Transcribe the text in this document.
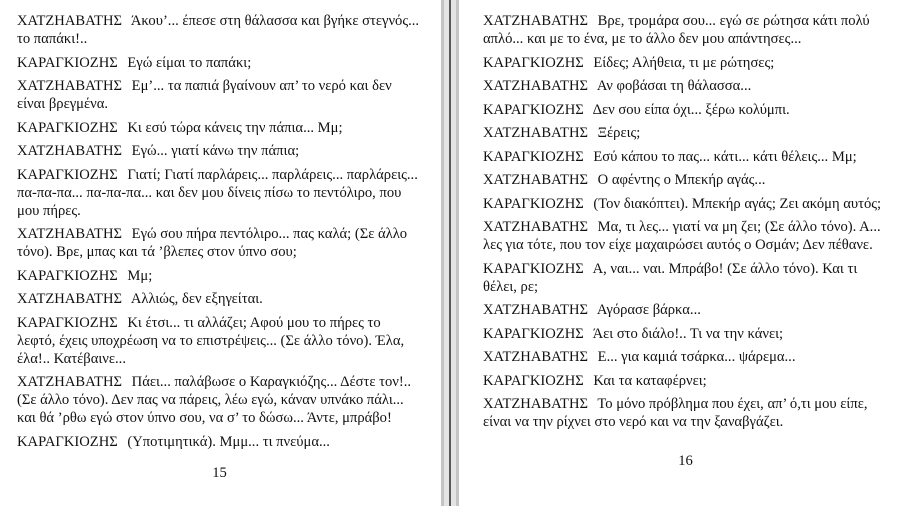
ΧΑΤΖΗΑΒΑΤΗΣ Άκου’... έπεσε στη θάλασσα και βγήκε στεγνός... το παπάκι!..

ΚΑΡΑΓΚΙΟΖΗΣ Εγώ είμαι το παπάκι;

ΧΑΤΖΗΑΒΑΤΗΣ Εμ’... τα παπιά βγαίνουν απ’ το νερό και δεν είναι βρεγμένα.

ΚΑΡΑΓΚΙΟΖΗΣ Κι εσύ τώρα κάνεις την πάπια... Μμ;

ΧΑΤΖΗΑΒΑΤΗΣ Εγώ... γιατί κάνω την πάπια;

ΚΑΡΑΓΚΙΟΖΗΣ Γιατί; Γιατί παρλάρεις... παρλάρεις... παρλάρεις... πα-πα-πα... πα-πα-πα... και δεν μου δίνεις πίσω το πεντόλιρο, που μου πήρες.

ΧΑΤΖΗΑΒΑΤΗΣ Εγώ σου πήρα πεντόλιρο... πας καλά; (Σε άλλο τόνο). Βρε, μπας και τά ’βλεπες στον ύπνο σου;

ΚΑΡΑΓΚΙΟΖΗΣ Μμ;

ΧΑΤΖΗΑΒΑΤΗΣ Αλλιώς, δεν εξηγείται.

ΚΑΡΑΓΚΙΟΖΗΣ Κι έτσι... τι αλλάζει; Αφού μου το πήρες το λεφτό, έχεις υποχρέωση να το επιστρέψεις... (Σε άλλο τόνο). Έλα, έλα!.. Κατέβαινε...

ΧΑΤΖΗΑΒΑΤΗΣ Πάει... παλάβωσε ο Καραγκιόζης... Δέστε τον!.. (Σε άλλο τόνο). Δεν πας να πάρεις, λέω εγώ, κάναν υπνάκο πάλι... και θά ’ρθω εγώ στον ύπνο σου, να σ’ το δώσω... Άντε, μπράβο!

ΚΑΡΑΓΚΙΟΖΗΣ (Υποτιμητικά). Μμμ... τι πνεύμα...

15

ΧΑΤΖΗΑΒΑΤΗΣ Βρε, τρομάρα σου... εγώ σε ρώτησα κάτι πολύ απλό... και με το ένα, με το άλλο δεν μου απάντησες...

ΚΑΡΑΓΚΙΟΖΗΣ Είδες; Αλήθεια, τι με ρώτησες;

ΧΑΤΖΗΑΒΑΤΗΣ Αν φοβάσαι τη θάλασσα...

ΚΑΡΑΓΚΙΟΖΗΣ Δεν σου είπα όχι... ξέρω κολύμπι.

ΧΑΤΖΗΑΒΑΤΗΣ Ξέρεις;

ΚΑΡΑΓΚΙΟΖΗΣ Εσύ κάπου το πας... κάτι... κάτι θέλεις... Μμ;

ΧΑΤΖΗΑΒΑΤΗΣ Ο αφέντης ο Μπεκήρ αγάς...

ΚΑΡΑΓΚΙΟΖΗΣ (Τον διακόπτει). Μπεκήρ αγάς; Ζει ακόμη αυτός;

ΧΑΤΖΗΑΒΑΤΗΣ Μα, τι λες... γιατί να μη ζει; (Σε άλλο τόνο). Α... λες για τότε, που τον είχε μαχαιρώσει αυτός ο Οσμάν; Δεν πέθανε.

ΚΑΡΑΓΚΙΟΖΗΣ Α, ναι... ναι. Μπράβο! (Σε άλλο τόνο). Και τι θέλει, ρε;

ΧΑΤΖΗΑΒΑΤΗΣ Αγόρασε βάρκα...

ΚΑΡΑΓΚΙΟΖΗΣ Άει στο διάλο!.. Τι να την κάνει;

ΧΑΤΖΗΑΒΑΤΗΣ Ε... για καμιά τσάρκα... ψάρεμα...

ΚΑΡΑΓΚΙΟΖΗΣ Και τα καταφέρνει;

ΧΑΤΖΗΑΒΑΤΗΣ Το μόνο πρόβλημα που έχει, απ’ ό,τι μου είπε, είναι να την ρίχνει στο νερό και να την ξαναβγάζει.

16
